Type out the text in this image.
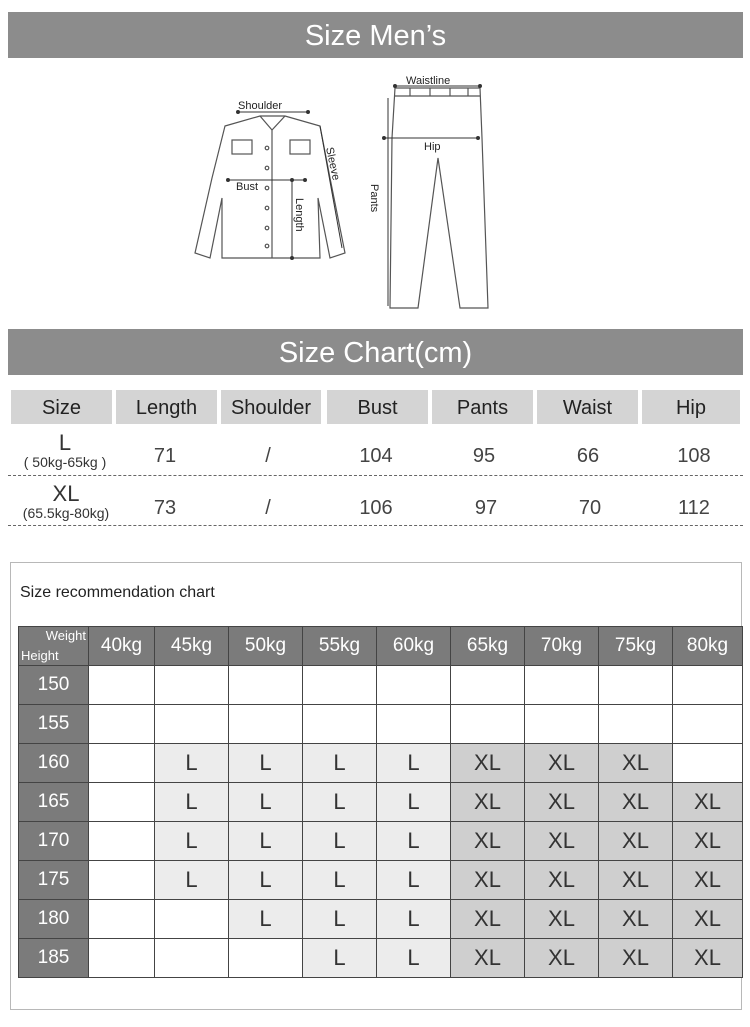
Size Men’s
Shoulder
Bust
Length
Sleeve
Waistline
Hip
Pants
Size Chart(cm)
Size	Length	Shoulder	Bust	Pants	Waist	Hip
L
( 50kg-65kg )	71	/	104	95	66	108
XL
(65.5kg-80kg)	73	/	106	97	70	112
Size recommendation chart
Weight
Height	40kg	45kg	50kg	55kg	60kg	65kg	70kg	75kg	80kg
150									
155									
160		L	L	L	L	XL	XL	XL	
165		L	L	L	L	XL	XL	XL	XL
170		L	L	L	L	XL	XL	XL	XL
175		L	L	L	L	XL	XL	XL	XL
180			L	L	L	XL	XL	XL	XL
185				L	L	XL	XL	XL	XL
